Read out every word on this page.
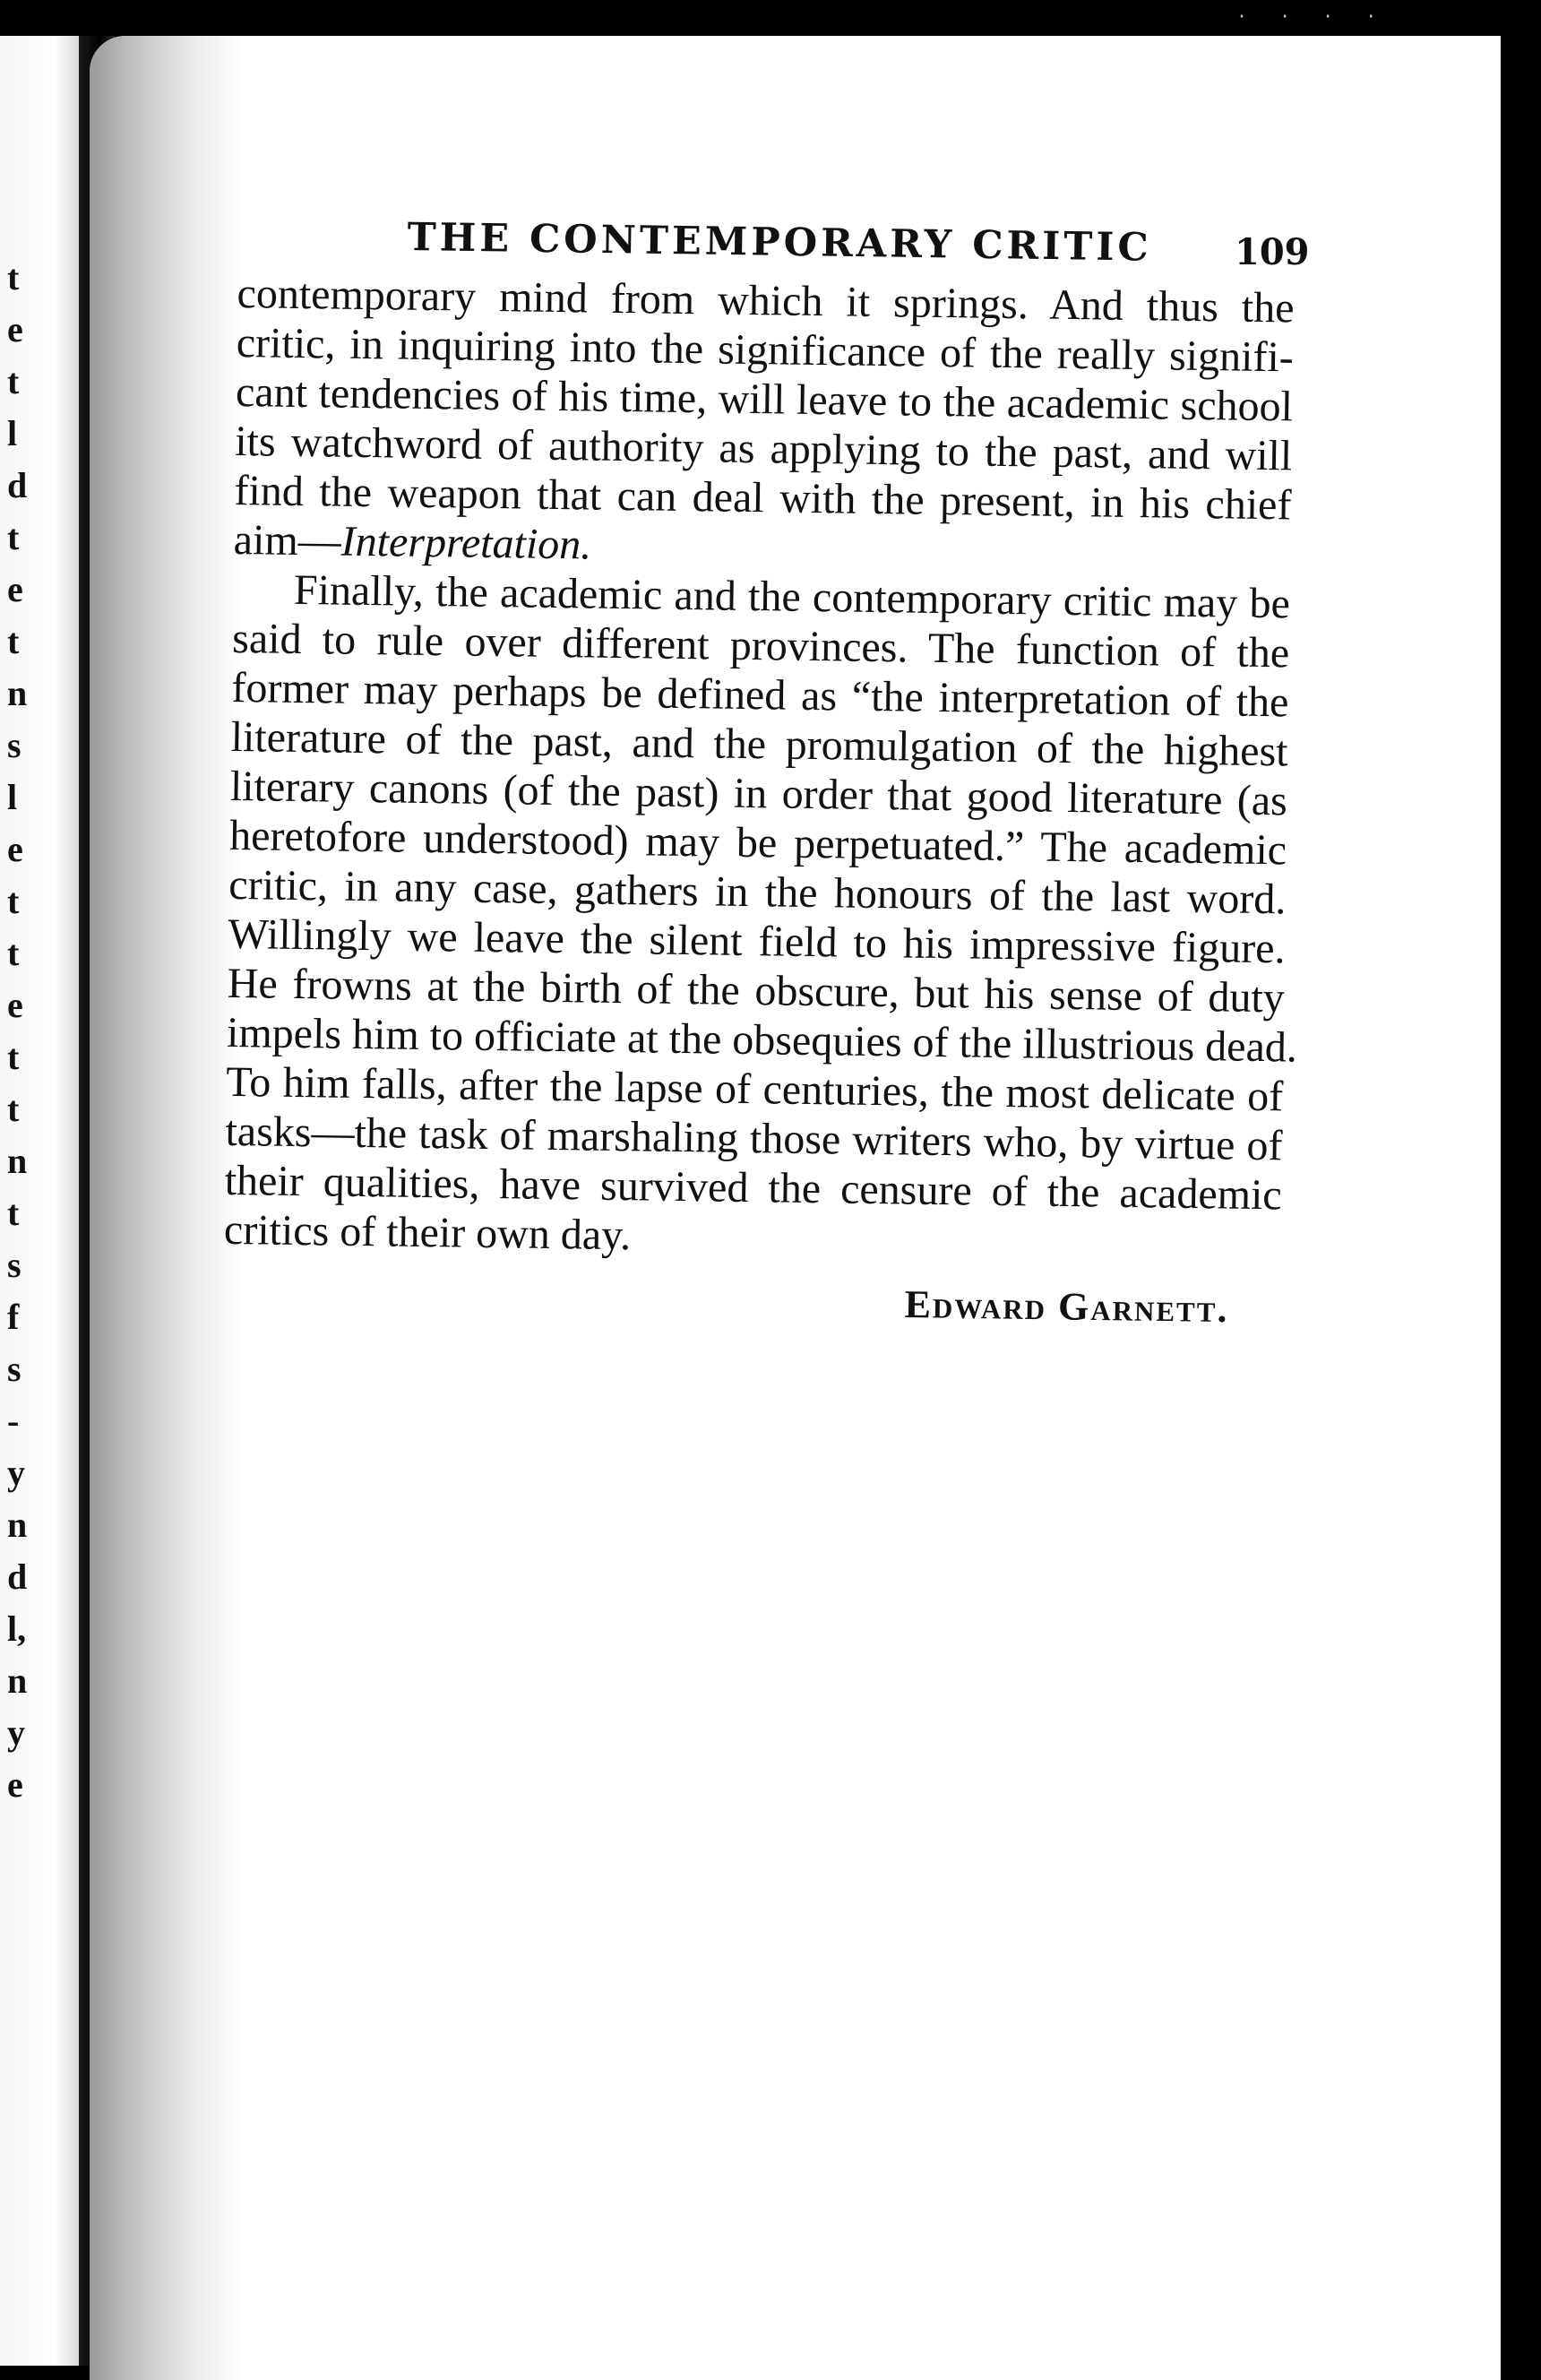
t
e
t
l
d
t
e
t
n
s
l
e
t
t
e
t
t
n
t
s
f
s
-
y
n
d
l,
n
y
e
THE CONTEMPORARY CRITIC 109
contemporary mind from which it springs. And thus the
critic, in inquiring into the significance of the really signifi-
cant tendencies of his time, will leave to the academic school
its watchword of authority as applying to the past, and will
find the weapon that can deal with the present, in his chief
aim—Interpretation.
Finally, the academic and the contemporary critic may be
said to rule over different provinces. The function of the
former may perhaps be defined as “the interpretation of the
literature of the past, and the promulgation of the highest
literary canons (of the past) in order that good literature (as
heretofore understood) may be perpetuated.” The academic
critic, in any case, gathers in the honours of the last word.
Willingly we leave the silent field to his impressive figure.
He frowns at the birth of the obscure, but his sense of duty
impels him to officiate at the obsequies of the illustrious dead.
To him falls, after the lapse of centuries, the most delicate of
tasks—the task of marshaling those writers who, by virtue of
their qualities, have survived the censure of the academic
critics of their own day.
Edward Garnett.
· · · ·
